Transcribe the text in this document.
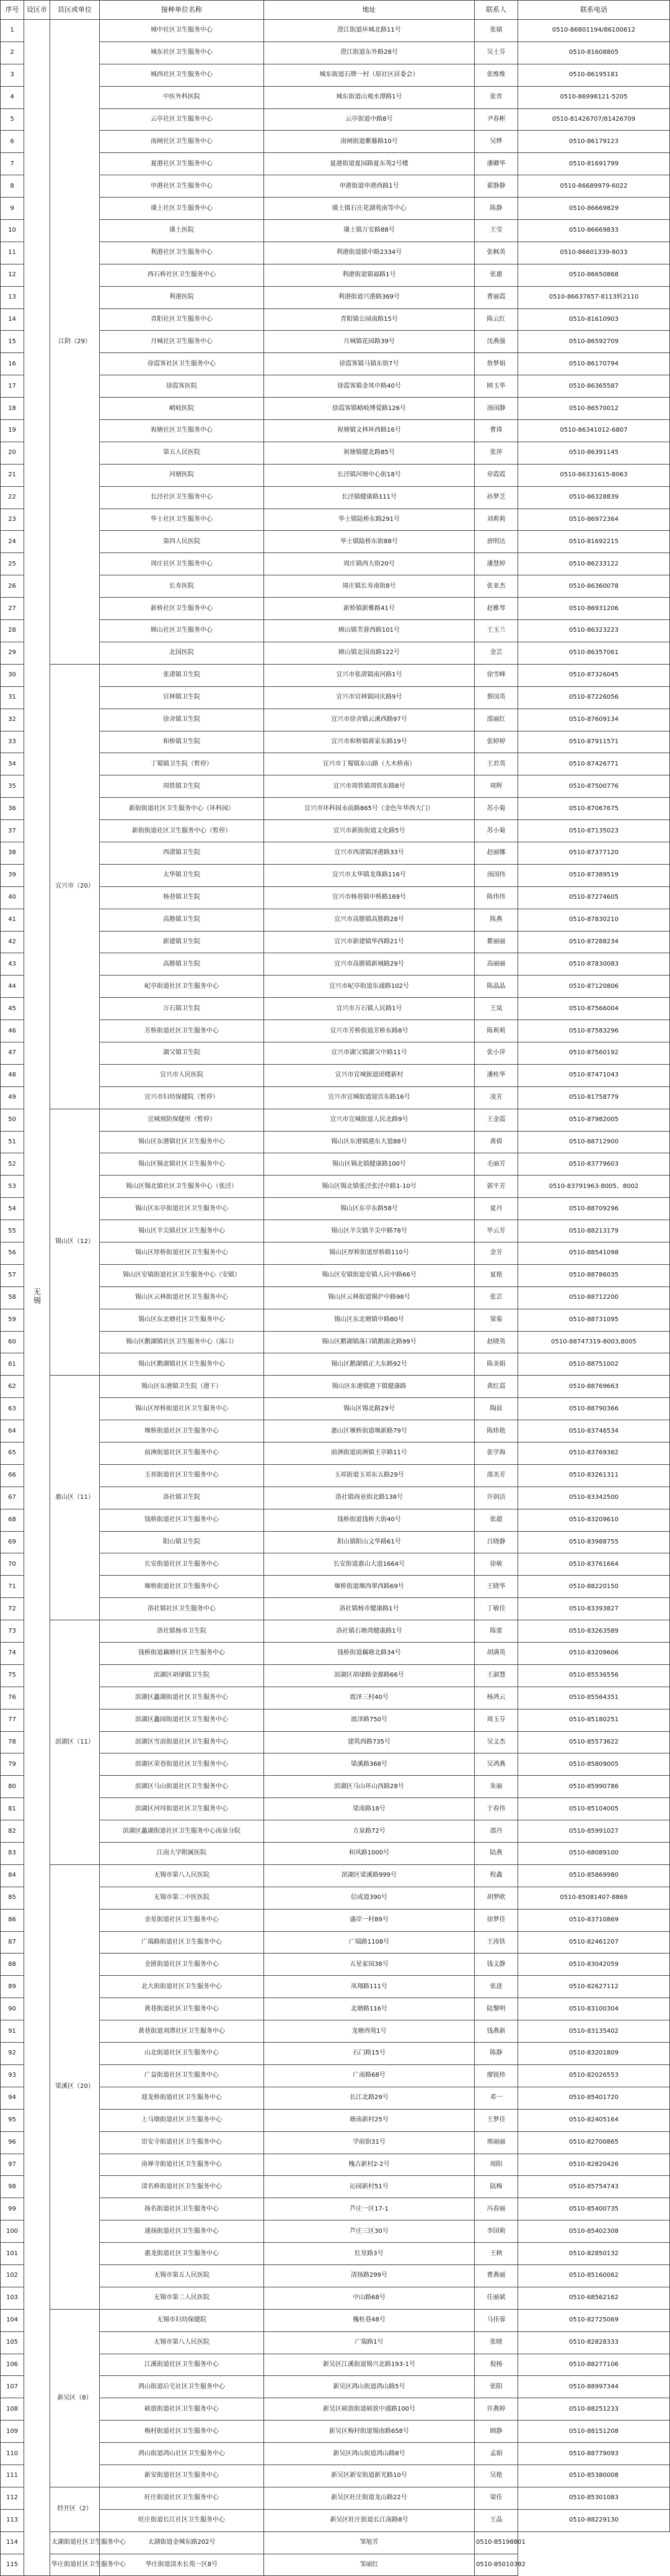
序号	设区市	县区或单位	接种单位名称	地址	联系人	联系电话
1	无锡	江阴（29）	城中社区卫生服务中心	澄江街道环城北路11号	张婧	0510-86801194/86100612
2			城东社区卫生服务中心	澄江街道东外路28号	吴土芬	0510-81608805
3			城西社区卫生服务中心	城东街道石牌一村（原社区居委会）	张维维	0510-86195181
4			中医外科医院	城东街道山观水潭路1号	张晋	0510-86998121-5205
5			云亭社区卫生服务中心	云亭街道中路8号	尹春彬	0510-81426707/81426709
6			南闸社区卫生服务中心	南闸街道紫藤路10号	吴烨	0510-86179123
7			夏港社区卫生服务中心	夏港街道夏园路夏东苑2号楼	潘卿华	0510-81691799
8			申港社区卫生服务中心	申港街道申港西路1号	翟静静	0510-86689979-6022
9			璜土社区卫生服务中心	璜土镇石庄花湖苑南等中心	陈静	0510-86669829
10			璜土医院	璜土镇万安路88号	王莹	0510-86669833
11			利港社区卫生服务中心	利港街道镇中路2334号	张枫英	0510-86601339-8033
12			西石桥社区卫生服务中心	利港街道镇福路1号	张惠	0510-86650868
13			利港医院	利港街道兴港路369号	曹丽霞	0510-86637657-8113转2110
14			青阳社区卫生服务中心	青阳镇公园南路15号	陈云红	0510-81610903
15			月城社区卫生服务中心	月城镇花园路39号	沈燕强	0510-86592709
16			徐霞客社区卫生服务中心	徐霞客镇马镇东街7号	詹梦娟	0510-86170794
17			徐霞客医院	徐霞客镇金凤中路40号	顾玉华	0510-86365587
18			峭岐医院	徐霞客镇峭岐博爱路126号	汤国静	0510-86570012
19			祝塘社区卫生服务中心	祝塘镇文林环西路16号	曹琦	0510-86341012-6807
20			第五人民医院	祝塘镇健北路85号	张萍	0510-86391145
21			河塘医院	长泾镇河塘中心街18号	章霞霞	0510-86331615-8063
22			长泾社区卫生服务中心	长泾镇健康路111号	孙梦芝	0510-86328839
23			华士社区卫生服务中心	华士镇陆桥东路291号	刘莉莉	0510-86972364
24			第四人民医院	华士镇陆桥东街88号	唐明达	0510-81692215
25			周庄社区卫生服务中心	周庄镇西大街20号	潘慧婷	0510-86233122
26			长寿医院	周庄镇长寿南街8号	张亚杰	0510-86360078
27			新桥社区卫生服务中心	新桥镇新雅路41号	赵雅琴	0510-86931206
28			顾山社区卫生服务中心	顾山镇芙蓉西路101号	王玉兰	0510-86323223
29			北国医院	顾山镇北国南路122号	金芸	0510-86357061
30		宜兴市（20）	张渚镇卫生院	宜兴市张渚镇南河路1号	徐雪峰	0510-87326045
31			官林镇卫生院	宜兴市官林镇同庆路9号	蔡国英	0510-87226056
32			徐舍镇卫生院	宜兴市徐舍镇云溪西路97号	邵丽红	0510-87609134
33			和桥镇卫生院	宜兴市和桥镇蒋家东路19号	张婷婷	0510-87911571
34			丁蜀镇卫生院（暂停）	宜兴市丁蜀镇东山路（大木桥南）	王君英	0510-87426771
35			周铁镇卫生院	宜兴市周铁镇周铁东路8号	周辉	0510-87500776
36			新街街道社区卫生服务中心（环科园）	宜兴市环科园永前路865号（金色年华西大门）	苏小菊	0510-87067675
37			新街街道社区卫生服务中心（暂停）	宜兴市新街街道文化路5号	苏小菊	0510-87135023
38			西渚镇卫生院	宜兴市西渚镇泽港路33号	赵丽娜	0510-87377120
39			太华镇卫生院	宜兴市太华镇龙珠路116号	汤国伟	0510-87389519
40			杨巷镇卫生院	宜兴市杨巷镇中桥路169号	陈伟伟	0510-87274605
41			高塍镇卫生院	宜兴市高塍镇高塍路28号	陈燕	0510-87830210
42			新建镇卫生院	宜兴市新建镇华西路21号	瞿丽丽	0510-87288234
43			高塍镇卫生院	宜兴市高塍镇新城路29号	高丽丽	0510-87830083
44			屺亭街道社区卫生服务中心	宜兴市屺亭街道东浦路102号	陈晶晶	0510-87120806
45			万石镇卫生院	宜兴市万石镇人民路1号	王岚	0510-87566004
46			芳桥街道社区卫生服务中心	宜兴市芳桥街道芳桥东路8号	陈莉莉	0510-87583296
47			湖父镇卫生院	宜兴市湖父镇湖父中路11号	张小萍	0510-87560192
48			宜兴市人民医院	宜兴市宜城街道团楼新村	潘桂华	0510-87471043
49			宜兴市妇幼保健院（暂停）	宜兴市宜城街道迎宾东路16号	凌芳	0510-81758779
50		锡山区（12）	宜城预防保健所（暂停）	宜兴市宜城街道人民北路9号	王金霞	0510-87982005
51			锡山区东港镇社区卫生服务中心	锡山区东港镇港东大道88号	黄倩	0510-88712900
52			锡山区锡北镇社区卫生服务中心	锡山区锡北镇健康路100号	毛丽芳	0510-83779603
53			锡山区锡北镇社区卫生服务中心（张泾）	锡山区锡北镇张泾张泾中路1-10号	郭平芳	0510-83791963-8005、8002
54			锡山区东亭街道社区卫生服务中心	锡山区东亭东路58号	夏丹	0510-88709296
55			锡山区羊尖镇社区卫生服务中心	锡山区羊尖镇羊尖中路78号	毕云芳	0510-88213179
56			锡山区厚桥街道社区卫生服务中心	锡山区厚桥街道厚桥路110号	金芳	0510-88541098
57			锡山区安镇街道社区卫生服务中心（安镇）	锡山区安镇街道安镇人民中路66号	夏艳	0510-88786035
58			锡山区云林街道社区卫生服务中心	锡山区云林街道锡沪中路98号	张芸	0510-88712200
59			锡山区东北塘社区卫生服务中心	锡山区东北塘镇中路80号	梁菊	0510-88731095
60			锡山区鹅湖镇社区卫生服务中心（荡口）	锡山区鹅湖镇荡口镇鹅湖北路99号	赵晓英	0510-88747319-8003,8005
61			锡山区鹅湖镇社区卫生服务中心	锡山区鹅湖镇正大东路92号	陈美娟	0510-88751002
62		惠山区（11）	锡山区东港镇卫生院（港下）	锡山区东港镇港下镇健康路	黄红霞	0510-88769663
63			锡山区厚桥街道社区卫生服务中心	锡山区锡北路29号	陶晨	0510-88790366
64			堰桥街道社区卫生服务中心	惠山区堰桥街道堰新路79号	陈炜艳	0510-83746534
65			前洲街道社区卫生服务中心	前洲街道前洲镇王亭路11号	张学海	0510-83769362
66			玉祁街道社区卫生服务中心	玉祁街道玉祁东五路29号	邵美芳	0510-83261311
67			洛社镇卫生院	洛社镇商业街北路138号	许润洁	0510-83342500
68			钱桥街道社区卫生服务中心	钱桥街道钱桥大街40号	张超	0510-83209610
69			阳山镇卫生院	阳山镇阳山文华路61号	吕晓静	0510-83988755
70			长安街道社区卫生服务中心	长安街道惠山大道1664号	徐敏	0510-83761664
71			堰桥街道社区卫生服务中心	堰桥街道堰西翠西路69号	王晓华	0510-88220150
72			洛社镇社区卫生服务中心	洛社镇杨市健康路1号	丁敏佳	0510-83393827
73		滨湖区（11）	洛社镇杨市卫生院	洛社镇石塘湾健康路1号	陈蕾	0510-83263589
74			钱桥街道藕塘社区卫生服务中心	钱桥街道藕塘北路34号	胡满英	0510-83209606
75			滨湖区胡埭镇卫生院	滨湖区胡埭路金源路66号	王淑慧	0510-85536556
76			滨湖区蠡湖街道社区卫生服务中心	震泽三村40号	杨鸿云	0510-85564351
77			滨湖区蠡园街道社区卫生服务中心	震泽路750号	周玉芬	0510-85180251
78			滨湖区雪浪街道社区卫生服务中心	建筑西路735号	吴文杰	0510-85573622
79			滨湖区荣巷街道社区卫生服务中心	梁溪路368号	吴鸿燕	0510-85809005
80			滨湖区马山街道社区卫生服务中心	滨湖区马山环山西路28号	朱丽	0510-85990786
81			滨湖区河埒街道社区卫生服务中心	梁南路18号	于春伟	0510-85104005
82			滨湖区蠡湖街道社区卫生服务中心南泉分院	方泉路72号	邵丹	0510-85991027
83			江南大学附属医院	和风路1000号	陆燕	0510-68089100
84		梁溪区（20）	无锡市第八人民医院	滨湖区梁溪路999号	程鑫	0510-85869980
85			无锡市第二中医医院	信成道390号	胡梦欧	0510-85081407-8869
86			金星街道社区卫生服务中心	盛岸一村89号	徐梦佳	0510-83710869
87			广瑞路街道社区卫生服务中心	广瑞路1108号	王涛铁	0510-82461207
88			金匮街道社区卫生服务中心	五星家园38号	钱文静	0510-83042059
89			北大街街道社区卫生服务中心	凤翔路111号	张进	0510-82627112
90			黄巷街道社区卫生服务中心	北塘路116号	陆黎明	0510-83100304
91			黄巷街道刘潭社区卫生服务中心	龙塘西苑1号	钱燕新	0510-83135402
92			山北街道社区卫生服务中心	石门路15号	陈静	0510-83201809
93			广益街道社区卫生服务中心	广南路68号	廖锐炜	0510-82026553
94			迎龙桥街道社区卫生服务中心	长江北路29号	邓一	0510-85401720
95			上马墩街道社区卫生服务中心	塘南新村25号	王梦佳	0510-82405164
96			崇安寺街道社区卫生服务中心	学前街31号	邢丽丽	0510-82700865
97			南禅寺街道社区卫生服务中心	槐古新村2-2号	周阳	0510-82820426
98			清名桥街道社区卫生服务中心	沁园新村51号	陆梅	0510-85754743
99			扬名街道社区卫生服务中心	芦庄一区17-1	冯春丽	0510-85400735
100			通扬街道社区卫生服务中心	芦庄三区30号	李国莉	0510-85402308
101			惠龙街道社区卫生服务中心	红星路3号	王秧	0510-82850132
102			无锡市第五人民医院	清扬路299号	曹燕丽	0510-85160062
103			无锡市第二人民医院	中山路68号	任丽斌	0510-68562162
104		新吴区（8）	无锡市妇幼保健院	槐桂巷48号	马佳蓉	0510-82725069
105			无锡市第八人民医院	广瑞路1号	张晓	0510-82828333
106			江溪街道社区卫生服务中心	新吴区江溪街道锡兴北路193-1号	倪杨	0510-88277106
107			鸿山街道后宅社区卫生服务中心	新吴区鸿山街道鸿山路5号	张阳	0510-88997344
108			硕放街道社区卫生服务中心	新吴区硕放街道硕放中通路100号	许燕婷	0510-88251233
109			梅村街道社区卫生服务中心	新吴区梅村街道锡南路658号	顾静	0510-88151208
110			鸿山街道鸿山社区卫生服务中心	新吴区鸿山街道鸿山路8号	孟娟	0510-88779093
111			新安街道社区卫生服务中心	新吴区新安街道新光路10号	吴艳	0510-85380008
112		经开区（2）	旺庄街道社区卫生服务中心	新吴区旺庄街道龙山路22号	梁佳	0510-85301083
113			旺庄街道长江社区卫生服务中心	新吴区旺庄街道长江南路8号	王晶	0510-88229130
114		太湖街道社区卫生服务中心	太湖街道金城东路202号	邹旭芳	0510-85198801	
115		华庄街道社区卫生服务中心	华庄街道清水长苑一区8号	邹丽红	0510-85010392	
